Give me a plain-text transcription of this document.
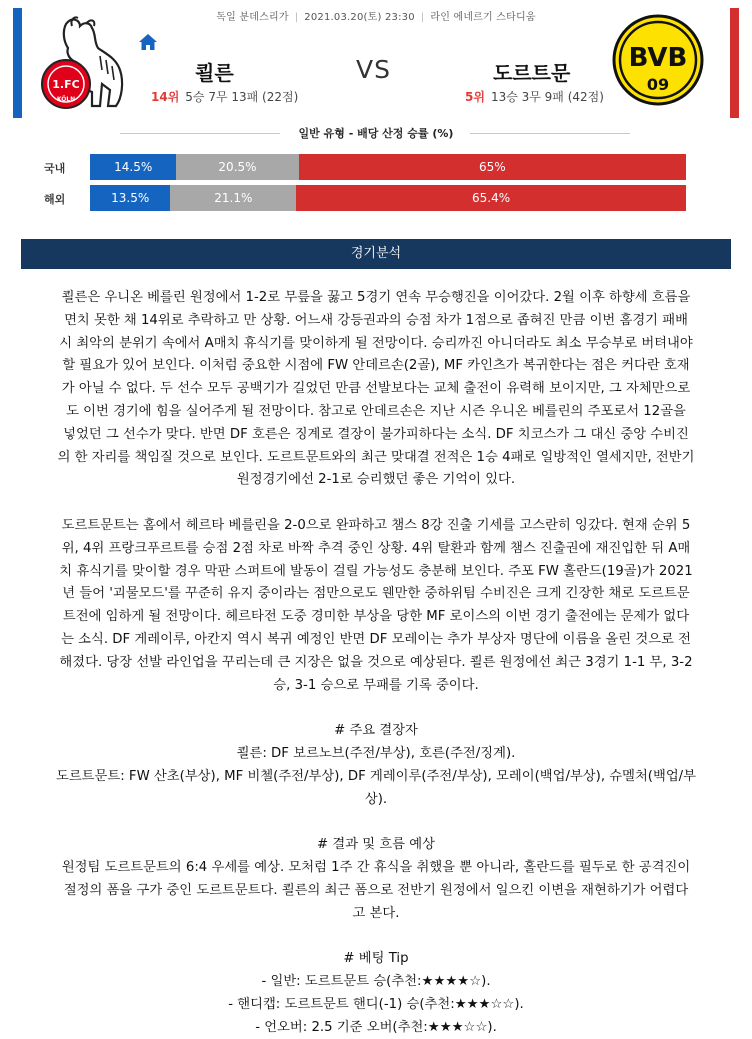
독일 분데스리가 | 2021.03.20(토) 23:30 | 라인 에네르기 스타디움
1.FC
KÖLN
BVB
09
쾰른	VS	도르트문
14위 5승 7무 13패 (22점)	5위 13승 3무 9패 (42점)
일반 유형 - 배당 산정 승률 (%)
국내	14.5%	20.5%	65%
해외	13.5%	21.1%	65.4%
경기분석

쾰른은 우니온 베를린 원정에서 1-2로 무릎을 꿇고 5경기 연속 무승행진을 이어갔다. 2월 이후 하향세 흐름을

면치 못한 채 14위로 추락하고 만 상황. 어느새 강등권과의 승점 차가 1점으로 좁혀진 만큼 이번 홈경기 패배

시 최악의 분위기 속에서 A매치 휴식기를 맞이하게 될 전망이다. 승리까진 아니더라도 최소 무승부로 버텨내야

할 필요가 있어 보인다. 이처럼 중요한 시점에 FW 안데르손(2골), MF 카인츠가 복귀한다는 점은 커다란 호재

가 아닐 수 없다. 두 선수 모두 공백기가 길었던 만큼 선발보다는 교체 출전이 유력해 보이지만, 그 자체만으로

도 이번 경기에 힘을 실어주게 될 전망이다. 참고로 안데르손은 지난 시즌 우니온 베를린의 주포로서 12골을

넣었던 그 선수가 맞다. 반면 DF 호른은 징계로 결장이 불가피하다는 소식. DF 치코스가 그 대신 중앙 수비진

의 한 자리를 책임질 것으로 보인다. 도르트문트와의 최근 맞대결 전적은 1승 4패로 일방적인 열세지만, 전반기

원정경기에선 2-1로 승리했던 좋은 기억이 있다.

도르트문트는 홈에서 헤르타 베를린을 2-0으로 완파하고 챔스 8강 진출 기세를 고스란히 잉갔다. 현재 순위 5

위, 4위 프랑크푸르트를 승점 2점 차로 바짝 추격 중인 상황. 4위 탈환과 함께 챔스 진출권에 재진입한 뒤 A매

치 휴식기를 맞이할 경우 막판 스퍼트에 발동이 걸릴 가능성도 충분해 보인다. 주포 FW 홀란드(19골)가 2021

년 들어 '괴물모드'를 꾸준히 유지 중이라는 점만으로도 웬만한 중하위팀 수비진은 크게 긴장한 채로 도르트문

트전에 임하게 될 전망이다. 헤르타전 도중 경미한 부상을 당한 MF 로이스의 이번 경기 출전에는 문제가 없다

는 소식. DF 게레이루, 아칸지 역시 복귀 예정인 반면 DF 모레이는 추가 부상자 명단에 이름을 올린 것으로 전

해졌다. 당장 선발 라인업을 꾸리는데 큰 지장은 없을 것으로 예상된다. 쾰른 원정에선 최근 3경기 1-1 무, 3-2

승, 3-1 승으로 무패를 기록 중이다.

# 주요 결장자

쾰른: DF 보르노브(주전/부상), 호른(주전/징계).

도르트문트: FW 산초(부상), MF 비첼(주전/부상), DF 게레이루(주전/부상), 모레이(백업/부상), 슈멜처(백업/부

상).

# 결과 및 흐름 예상

원정팀 도르트문트의 6:4 우세를 예상. 모처럼 1주 간 휴식을 취했을 뿐 아니라, 홀란드를 필두로 한 공격진이

절정의 폼을 구가 중인 도르트문트다. 쾰른의 최근 폼으로 전반기 원정에서 일으킨 이변을 재현하기가 어렵다

고 본다.

# 베팅 Tip

- 일반: 도르트문트 승(추천:★★★★☆).

- 핸디캡: 도르트문트 핸디(-1) 승(추천:★★★☆☆).

- 언오버: 2.5 기준 오버(추천:★★★☆☆).
